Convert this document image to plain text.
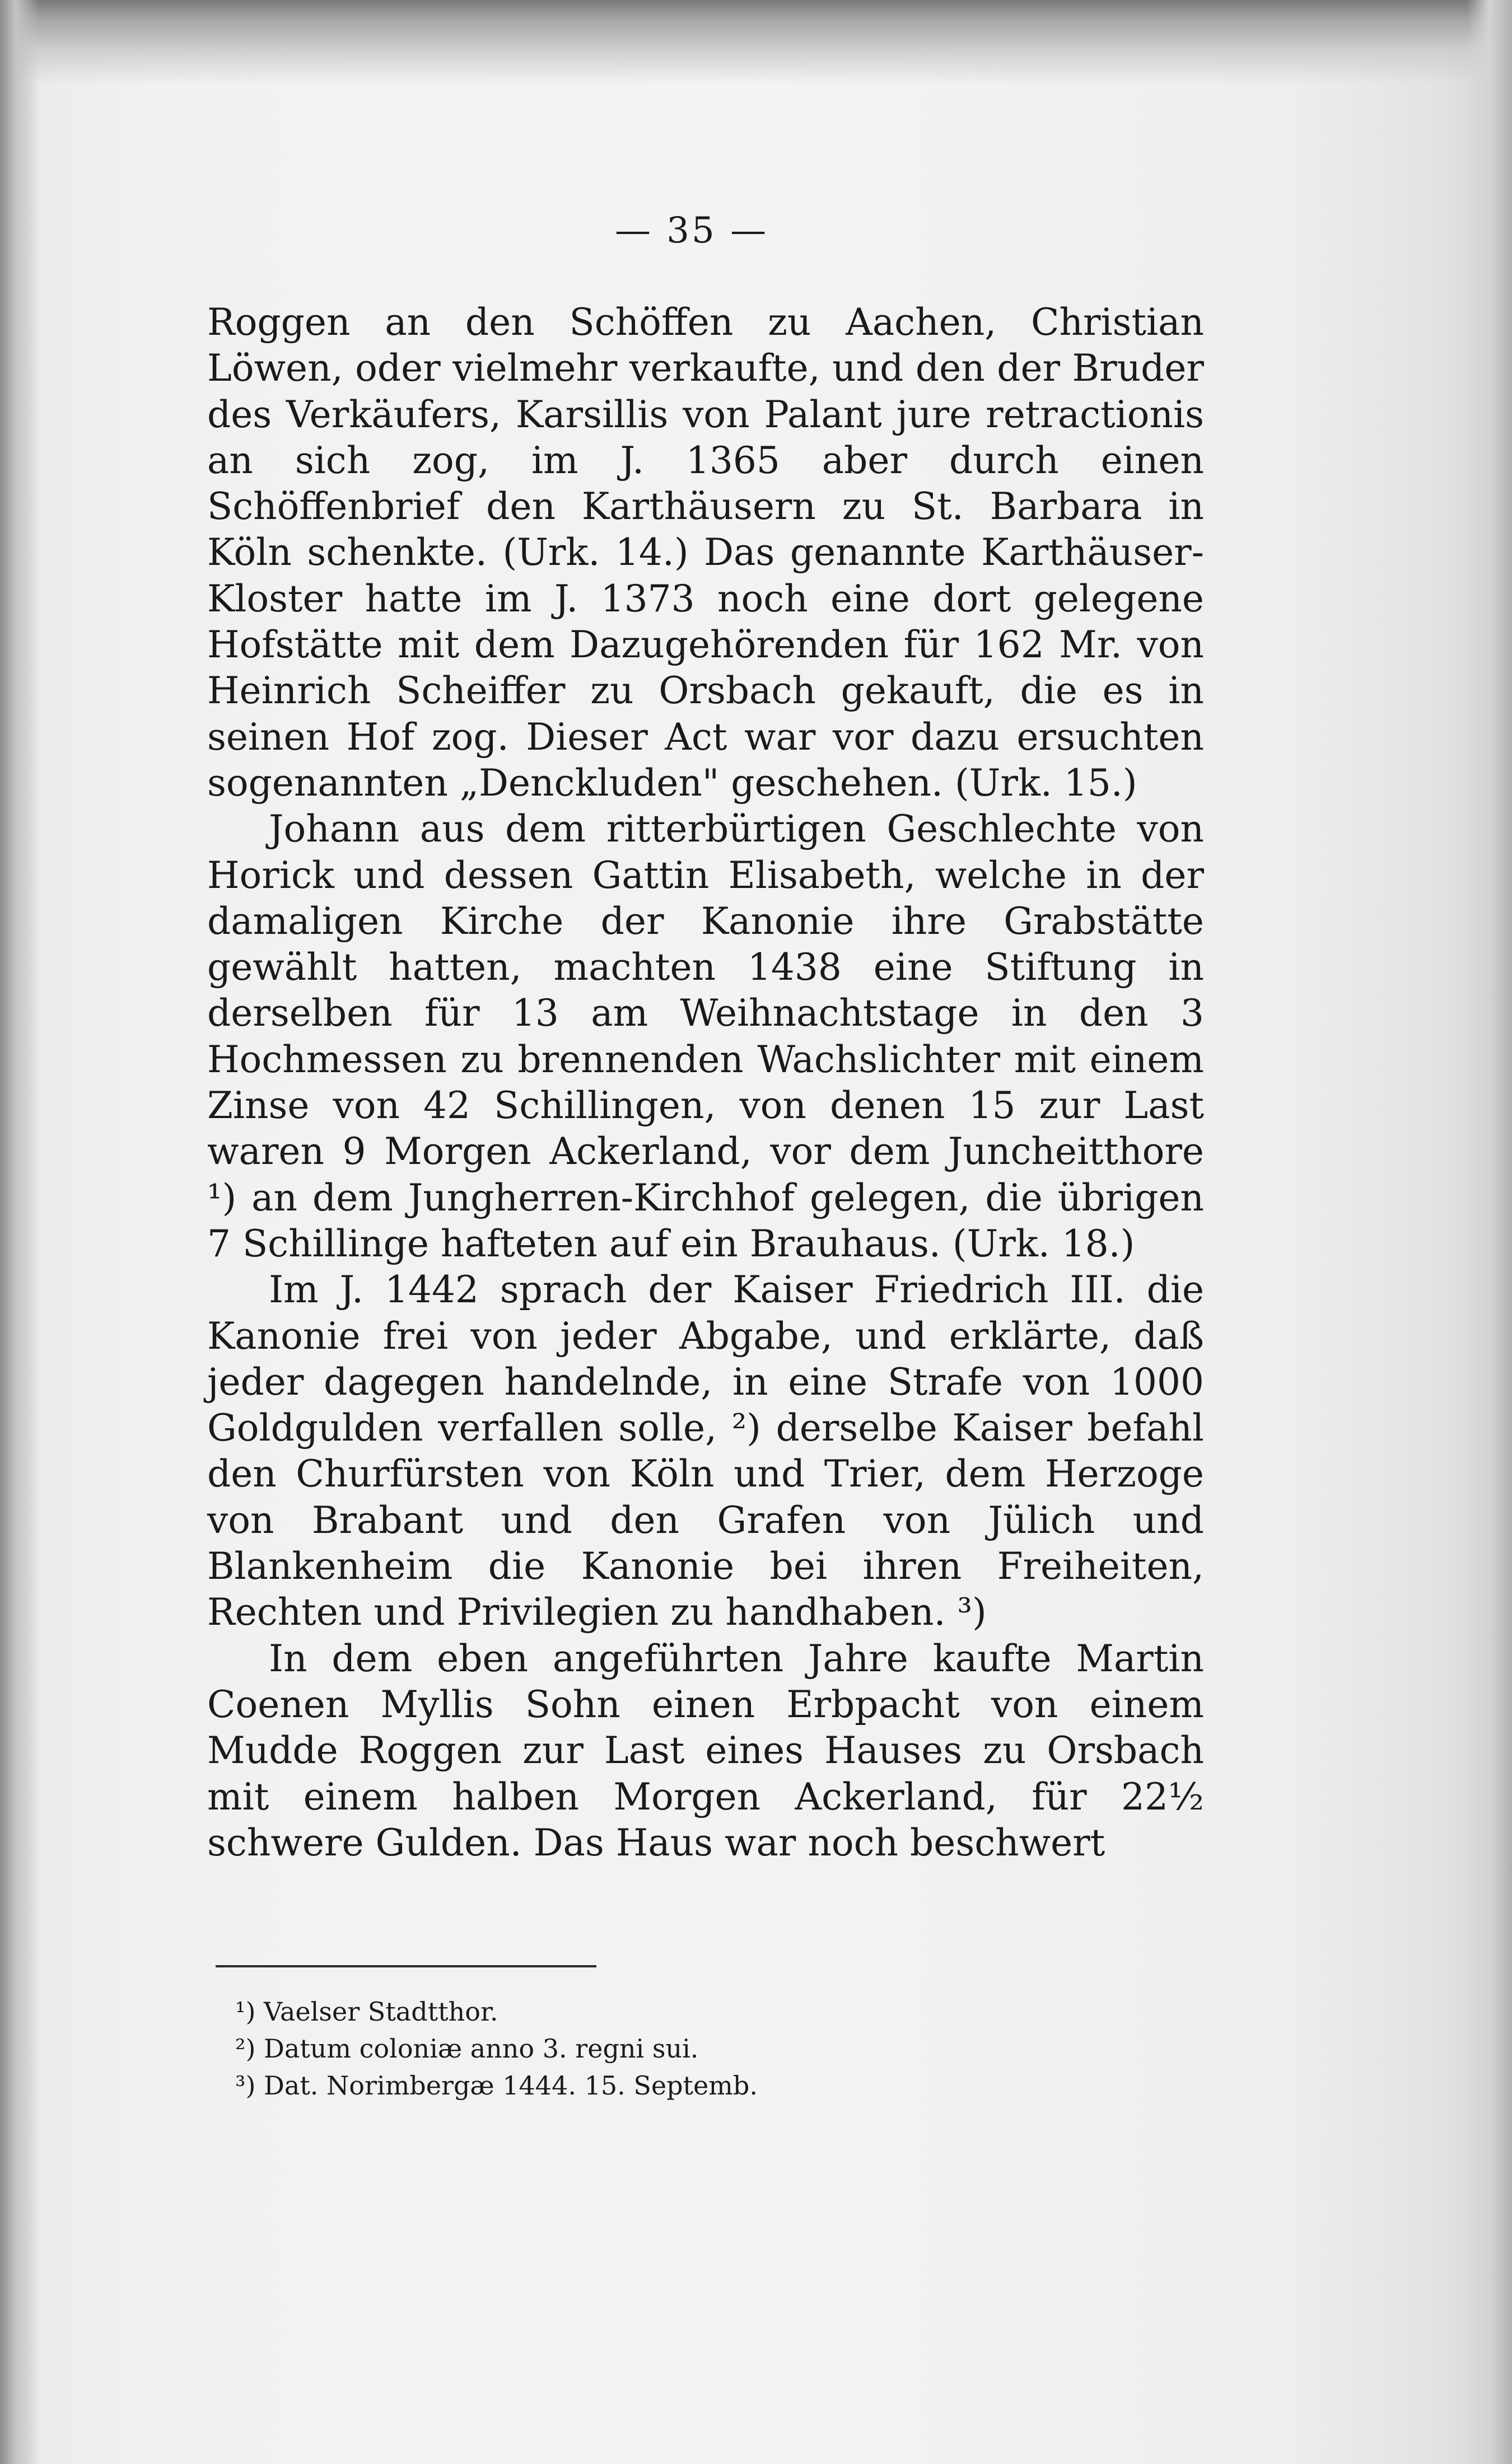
— 35 —

Roggen an den Schöffen zu Aachen, Christian Löwen, oder vielmehr verkaufte, und den der Bruder des Verkäufers, Karsillis von Palant jure retractionis an sich zog, im J. 1365 aber durch einen Schöffenbrief den Karthäusern zu St. Barbara in Köln schenkte. (Urk. 14.) Das genannte Karthäuser-Kloster hatte im J. 1373 noch eine dort gelegene Hofstätte mit dem Dazugehörenden für 162 Mr. von Heinrich Scheiffer zu Orsbach gekauft, die es in seinen Hof zog. Dieser Act war vor dazu ersuchten sogenannten „Denckluden" geschehen. (Urk. 15.)

Johann aus dem ritterbürtigen Geschlechte von Horick und dessen Gattin Elisabeth, welche in der damaligen Kirche der Kanonie ihre Grabstätte gewählt hatten, machten 1438 eine Stiftung in derselben für 13 am Weihnachtstage in den 3 Hochmessen zu brennenden Wachslichter mit einem Zinse von 42 Schillingen, von denen 15 zur Last waren 9 Morgen Ackerland, vor dem Juncheitthore ¹) an dem Jungherren-Kirchhof gelegen, die übrigen 7 Schillinge hafteten auf ein Brauhaus. (Urk. 18.)

Im J. 1442 sprach der Kaiser Friedrich III. die Kanonie frei von jeder Abgabe, und erklärte, daß jeder dagegen handelnde, in eine Strafe von 1000 Goldgulden verfallen solle, ²) derselbe Kaiser befahl den Churfürsten von Köln und Trier, dem Herzoge von Brabant und den Grafen von Jülich und Blankenheim die Kanonie bei ihren Freiheiten, Rechten und Privilegien zu handhaben. ³)

In dem eben angeführten Jahre kaufte Martin Coenen Myllis Sohn einen Erbpacht von einem Mudde Roggen zur Last eines Hauses zu Orsbach mit einem halben Morgen Ackerland, für 22½ schwere Gulden. Das Haus war noch beschwert

¹) Vaelser Stadtthor.
²) Datum coloniæ anno 3. regni sui.
³) Dat. Norimbergæ 1444. 15. Septemb.
